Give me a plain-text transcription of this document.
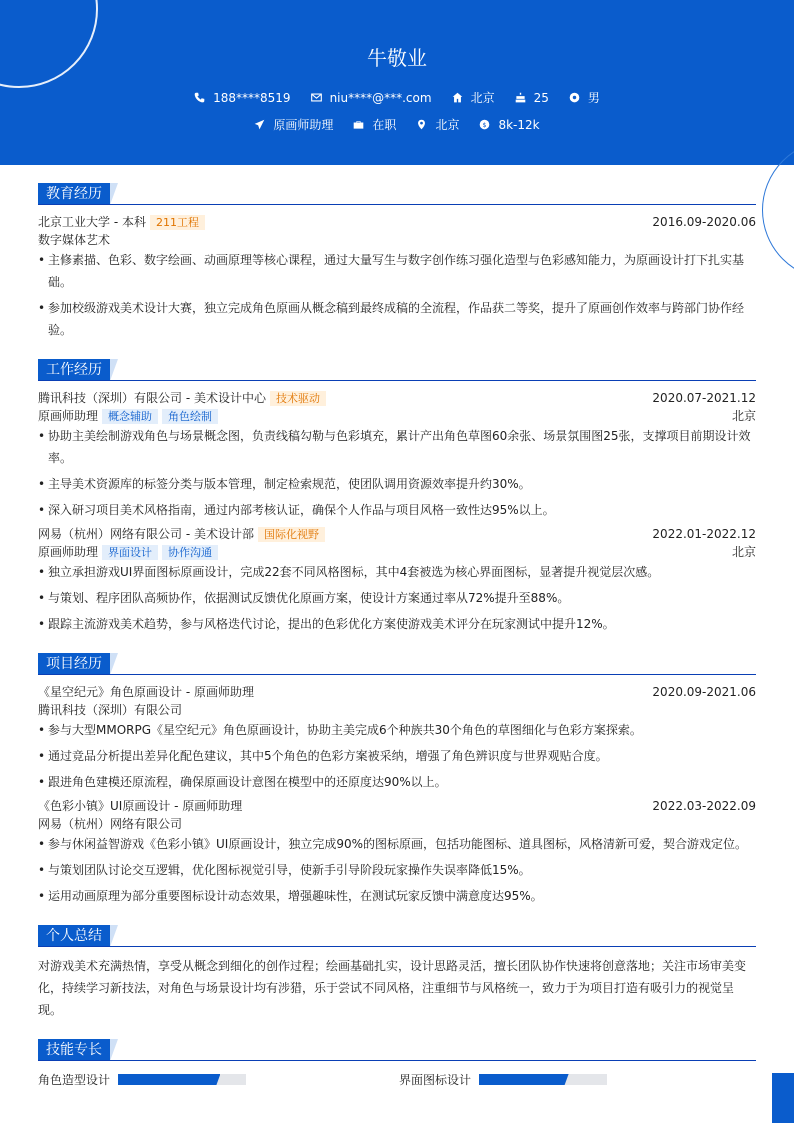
牛敬业
188****8519	niu****@***.com	北京	25	男
原画师助理	在职	北京	$ 8k-12k
教育经历
北京工业大学 - 本科 211工程	2016.09-2020.06
数字媒体艺术
• 主修素描、色彩、数字绘画、动画原理等核心课程，通过大量写生与数字创作练习强化造型与色彩感知能力，为原画设计打下扎实基础。
• 参加校级游戏美术设计大赛，独立完成角色原画从概念稿到最终成稿的全流程，作品获二等奖，提升了原画创作效率与跨部门协作经验。
工作经历
腾讯科技（深圳）有限公司 - 美术设计中心 技术驱动	2020.07-2021.12
原画师助理 概念辅助 角色绘制	北京
• 协助主美绘制游戏角色与场景概念图，负责线稿勾勒与色彩填充，累计产出角色草图60余张、场景氛围图25张，支撑项目前期设计效率。
• 主导美术资源库的标签分类与版本管理，制定检索规范，使团队调用资源效率提升约30%。
• 深入研习项目美术风格指南，通过内部考核认证，确保个人作品与项目风格一致性达95%以上。
网易（杭州）网络有限公司 - 美术设计部 国际化视野	2022.01-2022.12
原画师助理 界面设计 协作沟通	北京
• 独立承担游戏UI界面图标原画设计，完成22套不同风格图标，其中4套被选为核心界面图标，显著提升视觉层次感。
• 与策划、程序团队高频协作，依据测试反馈优化原画方案，使设计方案通过率从72%提升至88%。
• 跟踪主流游戏美术趋势，参与风格迭代讨论，提出的色彩优化方案使游戏美术评分在玩家测试中提升12%。
项目经历
《星空纪元》角色原画设计 - 原画师助理	2020.09-2021.06
腾讯科技（深圳）有限公司
• 参与大型MMORPG《星空纪元》角色原画设计，协助主美完成6个种族共30个角色的草图细化与色彩方案探索。
• 通过竞品分析提出差异化配色建议，其中5个角色的色彩方案被采纳，增强了角色辨识度与世界观贴合度。
• 跟进角色建模还原流程，确保原画设计意图在模型中的还原度达90%以上。
《色彩小镇》UI原画设计 - 原画师助理	2022.03-2022.09
网易（杭州）网络有限公司
• 参与休闲益智游戏《色彩小镇》UI原画设计，独立完成90%的图标原画，包括功能图标、道具图标，风格清新可爱，契合游戏定位。
• 与策划团队讨论交互逻辑，优化图标视觉引导，使新手引导阶段玩家操作失误率降低15%。
• 运用动画原理为部分重要图标设计动态效果，增强趣味性，在测试玩家反馈中满意度达95%。
个人总结
对游戏美术充满热情，享受从概念到细化的创作过程；绘画基础扎实，设计思路灵活，擅长团队协作快速将创意落地；关注市场审美变化，持续学习新技法，对角色与场景设计均有涉猎，乐于尝试不同风格，注重细节与风格统一，致力于为项目打造有吸引力的视觉呈现。
技能专长
角色造型设计	界面图标设计
